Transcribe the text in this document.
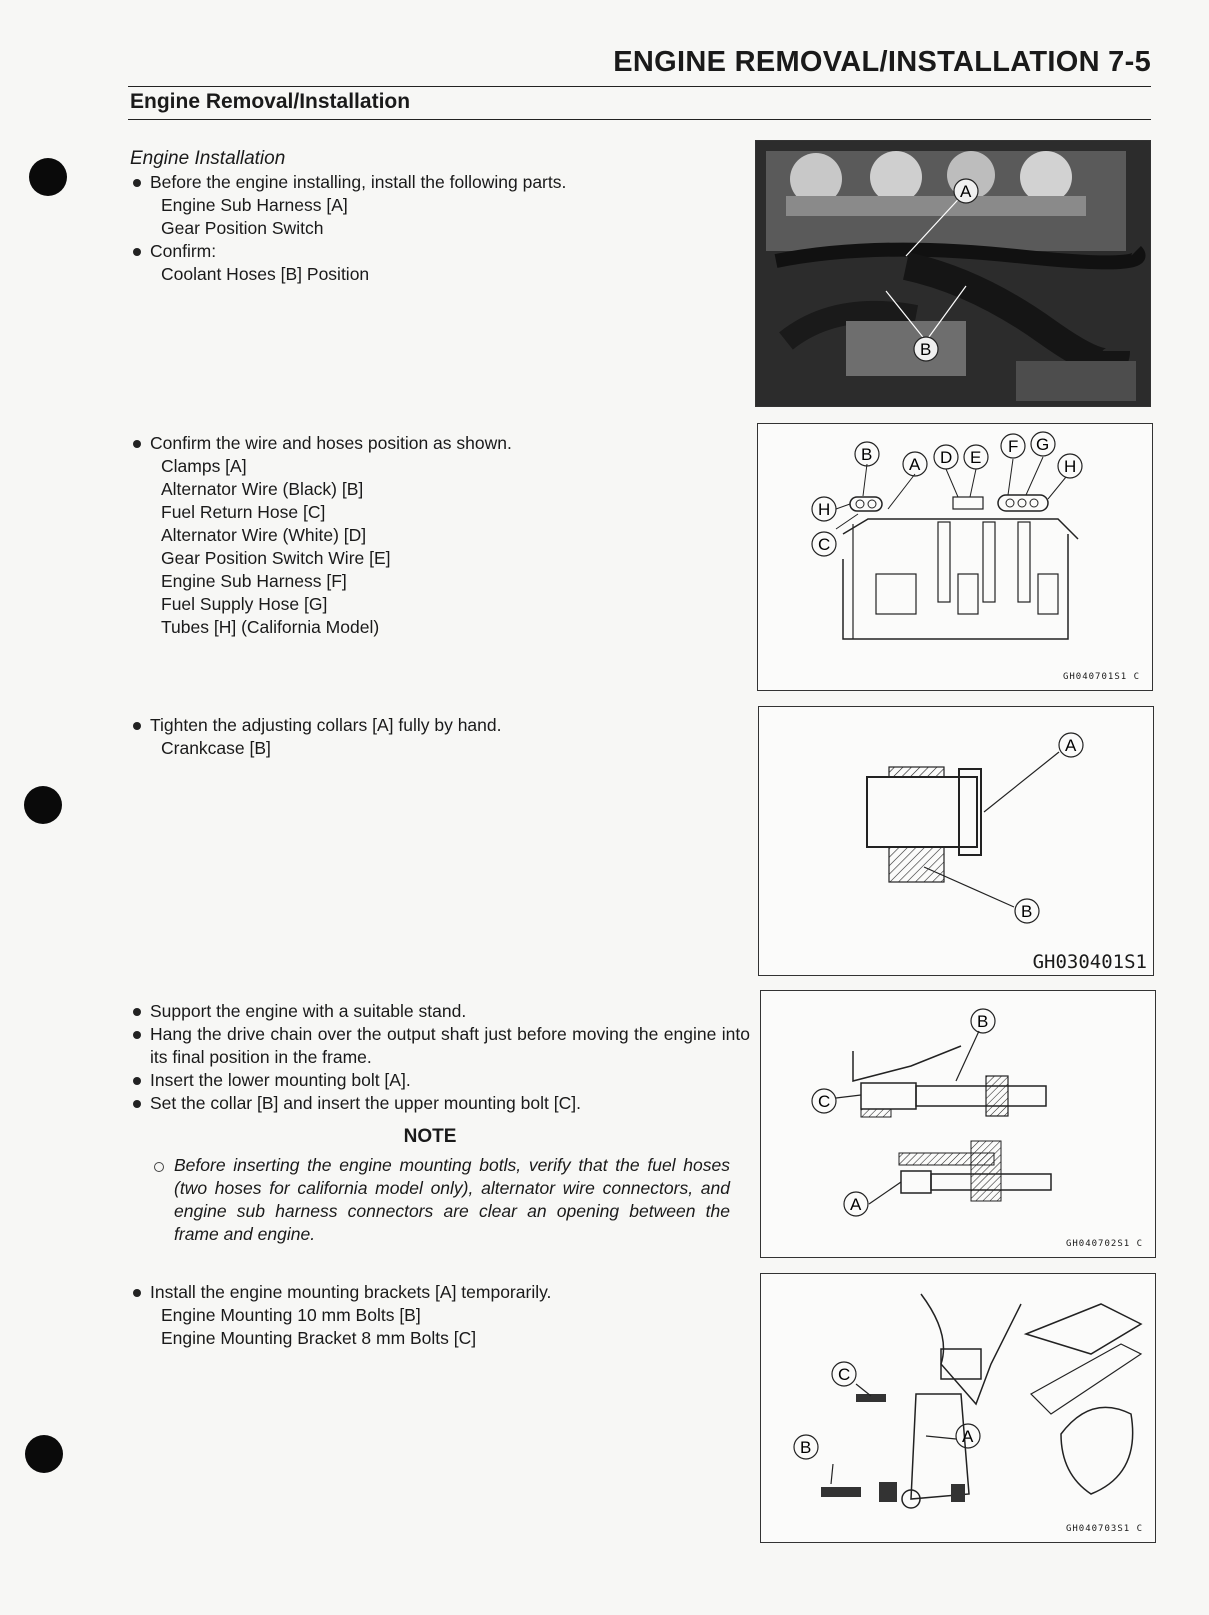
ENGINE REMOVAL/INSTALLATION 7-5
Engine Removal/Installation
Engine Installation
Before the engine installing, install the following parts.
Engine Sub Harness [A]
Gear Position Switch
Confirm:
Coolant Hoses [B] Position
Confirm the wire and hoses position as shown.
Clamps [A]
Alternator Wire (Black) [B]
Fuel Return Hose [C]
Alternator Wire (White) [D]
Gear Position Switch Wire [E]
Engine Sub Harness [F]
Fuel Supply Hose [G]
Tubes [H] (California Model)
Tighten the adjusting collars [A] fully by hand.
Crankcase [B]
Support the engine with a suitable stand.
Hang the drive chain over the output shaft just before moving the engine into its final position in the frame.
Insert the lower mounting bolt [A].
Set the collar [B] and insert the upper mounting bolt [C].
NOTE
Before inserting the engine mounting botls, verify that the fuel hoses (two hoses for california model only), alternator wire connectors, and engine sub harness connectors are clear an opening between the frame and engine.
Install the engine mounting brackets [A] temporarily.
Engine Mounting 10 mm Bolts [B]
Engine Mounting Bracket 8 mm Bolts [C]
A
B
B
A D E
F G
H
H
C
GH040701S1 C
A
B
GH030401S1
B
C
A
GH040702S1 C
C
A
B
GH040703S1 C
